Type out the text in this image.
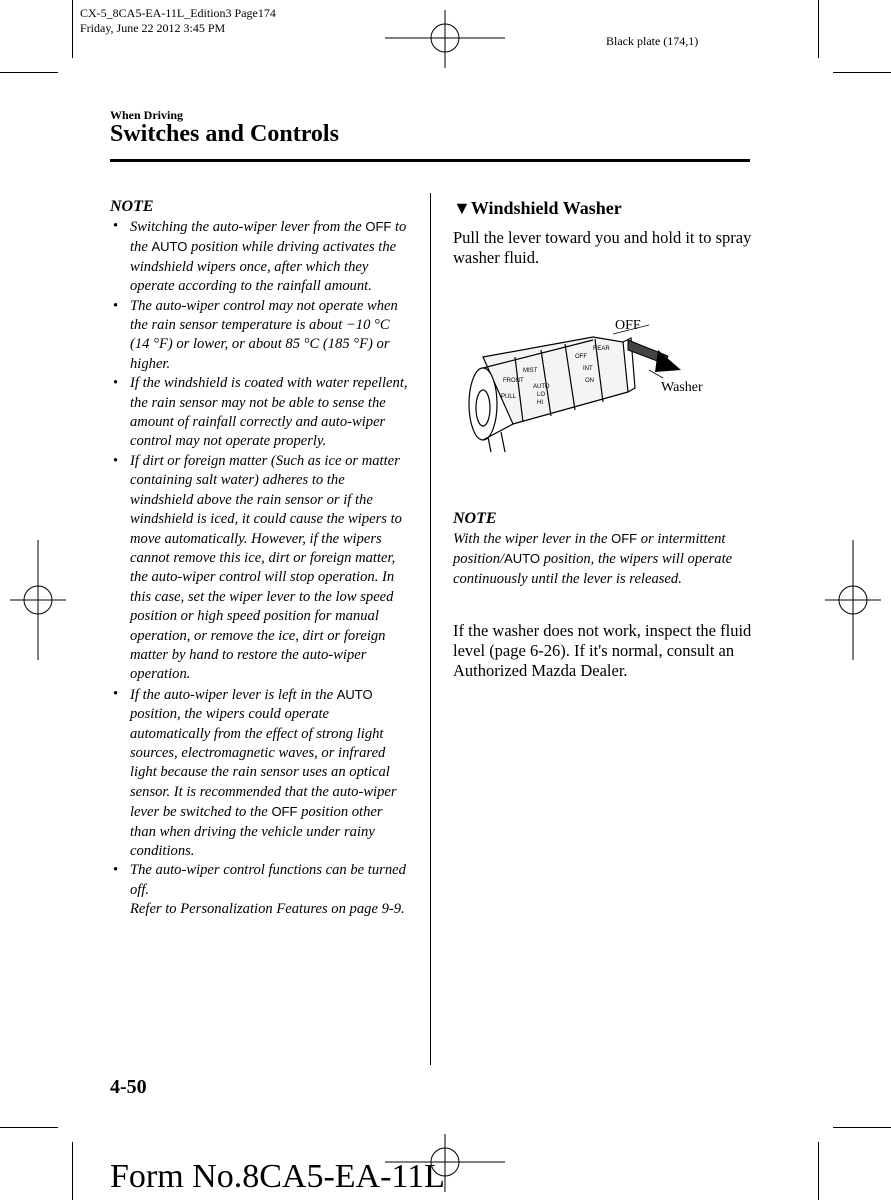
CX-5_8CA5-EA-11L_Edition3 Page174
Friday, June 22 2012 3:45 PM
Black plate (174,1)
When Driving
Switches and Controls
NOTE
• Switching the auto-wiper lever from the OFF to the AUTO position while driving activates the windshield wipers once, after which they operate according to the rainfall amount.
• The auto-wiper control may not operate when the rain sensor temperature is about −10 °C (14 °F) or lower, or about 85 °C (185 °F) or higher.
• If the windshield is coated with water repellent, the rain sensor may not be able to sense the amount of rainfall correctly and auto-wiper control may not operate properly.
• If dirt or foreign matter (Such as ice or matter containing salt water) adheres to the windshield above the rain sensor or if the windshield is iced, it could cause the wipers to move automatically. However, if the wipers cannot remove this ice, dirt or foreign matter, the auto-wiper control will stop operation. In this case, set the wiper lever to the low speed position or high speed position for manual operation, or remove the ice, dirt or foreign matter by hand to restore the auto-wiper operation.
• If the auto-wiper lever is left in the AUTO position, the wipers could operate automatically from the effect of strong light sources, electromagnetic waves, or infrared light because the rain sensor uses an optical sensor. It is recommended that the auto-wiper lever be switched to the OFF position other than when driving the vehicle under rainy conditions.
• The auto-wiper control functions can be turned off.
Refer to Personalization Features on page 9-9.
▼Windshield Washer
Pull the lever toward you and hold it to spray washer fluid.
FRONT
MIST
OFF
AUTO
LO
HI
REAR
INT
ON
PULL
OFF
Washer
NOTE
With the wiper lever in the OFF or intermittent position/AUTO position, the wipers will operate continuously until the lever is released.
If the washer does not work, inspect the fluid level (page 6-26). If it's normal, consult an Authorized Mazda Dealer.
4-50
Form No.8CA5-EA-11L
